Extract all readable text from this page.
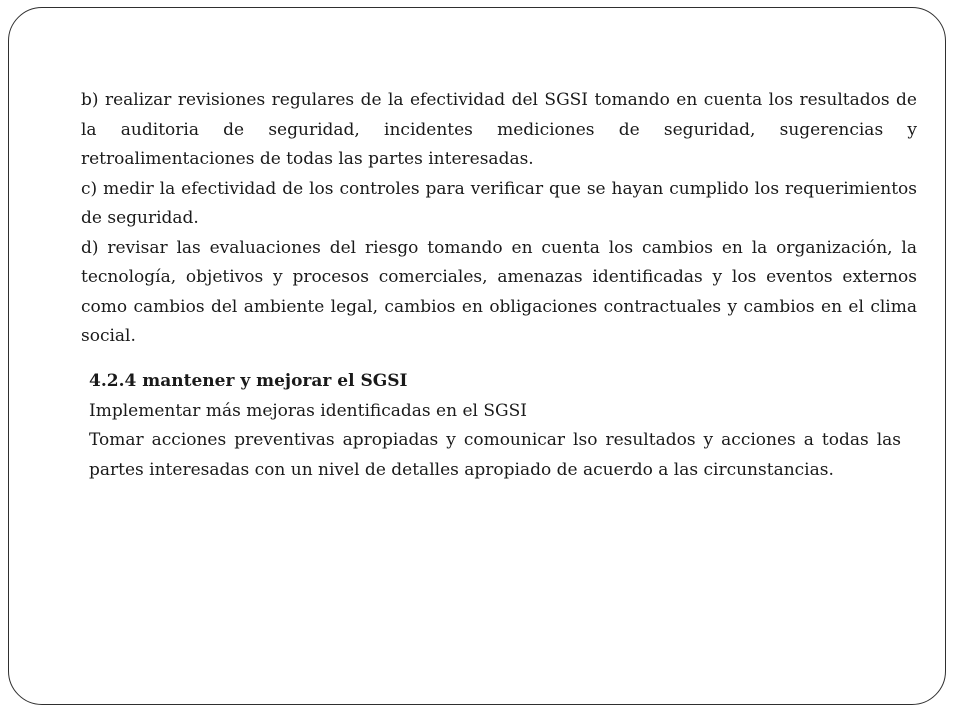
b) realizar revisiones regulares de la efectividad del SGSI tomando en cuenta los resultados de la auditoria de seguridad, incidentes mediciones de seguridad, sugerencias y retroalimentaciones de todas las partes interesadas.

c) medir la efectividad de los controles para verificar que se hayan cumplido los requerimientos de seguridad.

d) revisar las evaluaciones del riesgo tomando en cuenta los cambios en la organización, la tecnología, objetivos y procesos comerciales, amenazas identificadas y los eventos externos como cambios del ambiente legal, cambios en obligaciones contractuales y cambios en el clima social.

4.2.4 mantener y mejorar el SGSI

Implementar más mejoras identificadas en el SGSI

Tomar acciones preventivas apropiadas y comounicar lso resultados y acciones a todas las partes interesadas con un nivel de detalles apropiado de acuerdo a las circunstancias.
